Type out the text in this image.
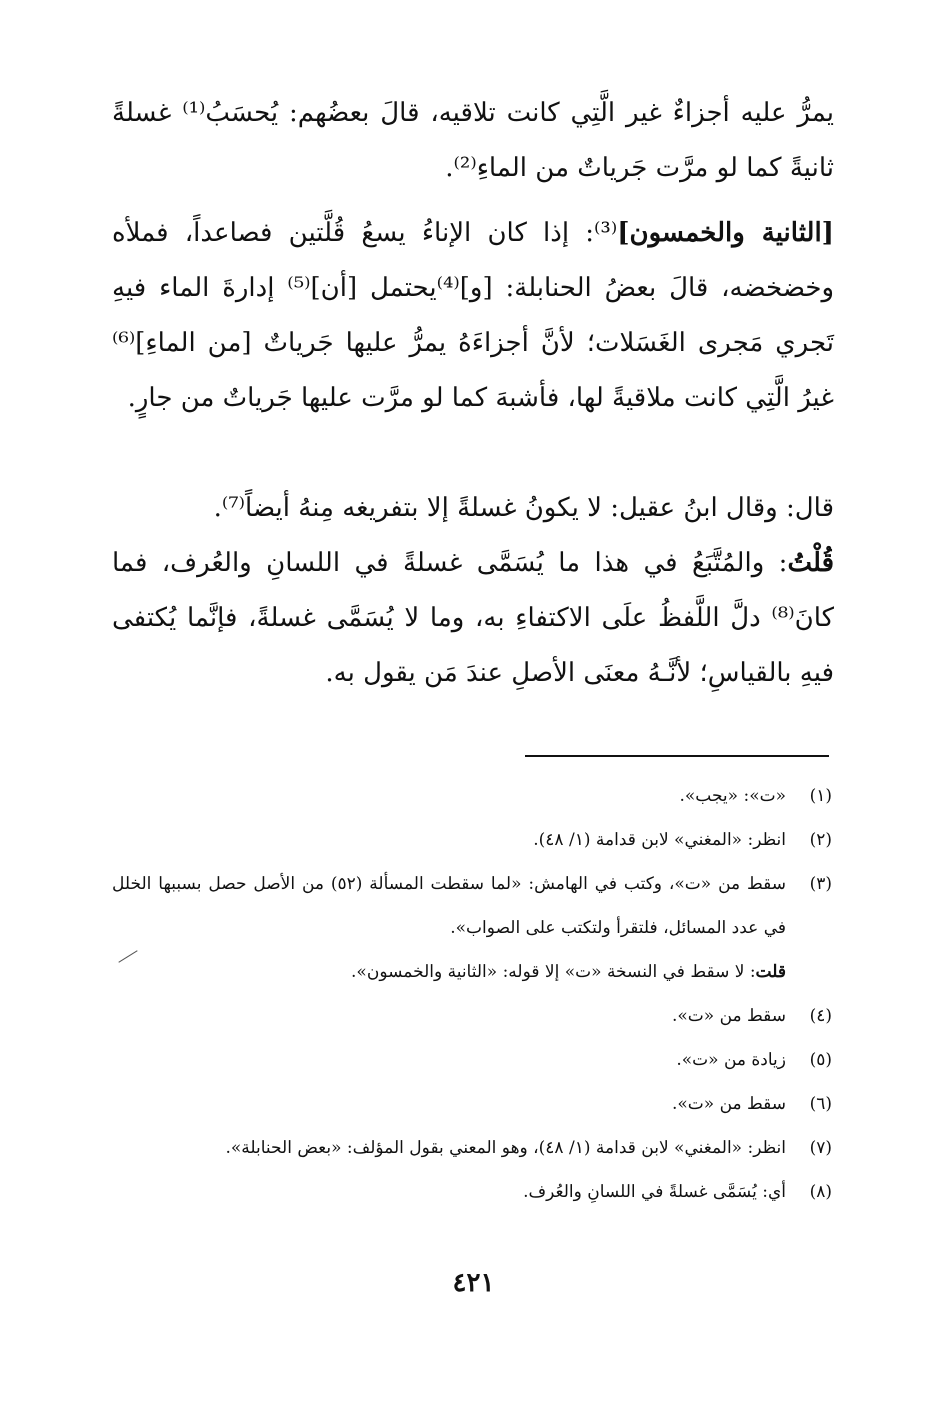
يمرُّ عليه أجزاءٌ غير الَّتِي كانت تلاقيه، قالَ بعضُهم: يُحسَبُ⁽¹⁾ غسلةً ثانيةً كما لو مرَّت جَرياتٌ من الماءِ⁽²⁾.

[الثانية والخمسون]⁽³⁾: إذا كان الإناءُ يسعُ قُلَّتين فصاعداً، فملأه وخضخضه، قالَ بعضُ الحنابلة: [و]⁽⁴⁾يحتمل [أن]⁽⁵⁾ إدارةَ الماء فيهِ تَجري مَجرى الغَسَلات؛ لأنَّ أجزاءَهُ يمرُّ عليها جَرياتٌ [من الماءِ]⁽⁶⁾ غيرُ الَّتِي كانت ملاقيةً لها، فأشبهَ كما لو مرَّت عليها جَرياتٌ من جارٍ.

قال: وقال ابنُ عقيل: لا يكونُ غسلةً إلا بتفريغه مِنهُ أيضاً⁽⁷⁾.

قُلْتُ: والمُتَّبَعُ في هذا ما يُسَمَّى غسلةً في اللسانِ والعُرف، فما كانَ⁽⁸⁾ دلَّ اللَّفظُ علَى الاكتفاءِ به، وما لا يُسَمَّى غسلةً، فإنَّما يُكتفى فيهِ بالقياسِ؛ لأنَّـهُ معنَى الأصلِ عندَ مَن يقول به.

(١)
«ت»: «يجب».
(٢)
انظر: «المغني» لابن قدامة (١/ ٤٨).
(٣)
سقط من «ت»، وكتب في الهامش: «لما سقطت المسألة (٥٢) من الأصل حصل بسببها الخلل في عدد المسائل، فلتقرأ ولتكتب على الصواب».
قلت: لا سقط في النسخة «ت» إلا قوله: «الثانية والخمسون».
(٤)
سقط من «ت».
(٥)
زيادة من «ت».
(٦)
سقط من «ت».
(٧)
انظر: «المغني» لابن قدامة (١/ ٤٨)، وهو المعني بقول المؤلف: «بعض الحنابلة».
(٨)
أي: يُسَمَّى غسلةً في اللسانِ والعُرف.
٤٢١
